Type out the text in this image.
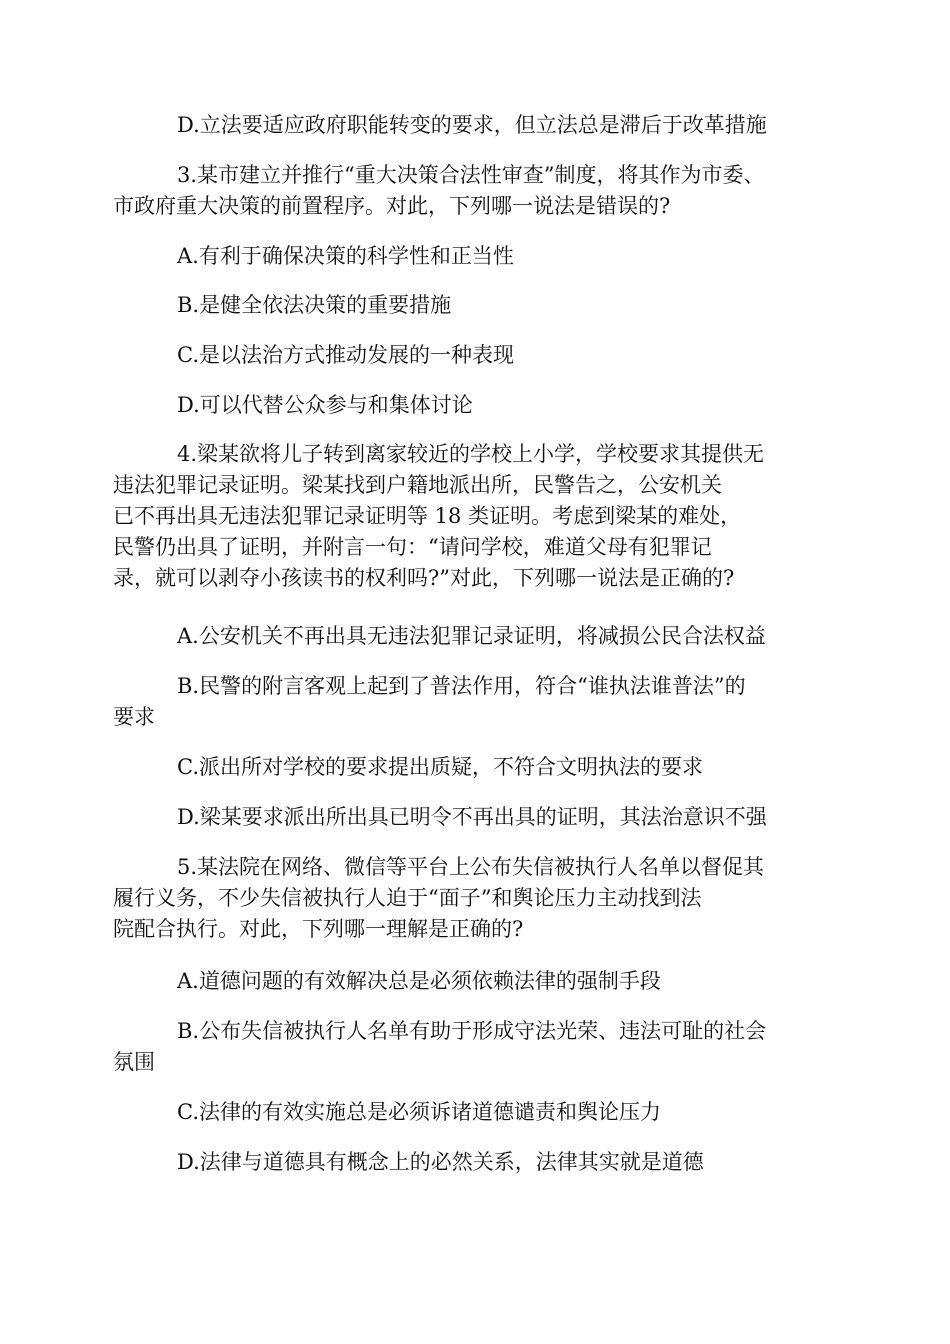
D.立法要适应政府职能转变的要求，但立法总是滞后于改革措施
3.某市建立并推行“重大决策合法性审查”制度，将其作为市委、
市政府重大决策的前置程序。对此，下列哪一说法是错误的?
A.有利于确保决策的科学性和正当性
B.是健全依法决策的重要措施
C.是以法治方式推动发展的一种表现
D.可以代替公众参与和集体讨论
4.梁某欲将儿子转到离家较近的学校上小学，学校要求其提供无
违法犯罪记录证明。梁某找到户籍地派出所，民警告之，公安机关
已不再出具无违法犯罪记录证明等 18 类证明。考虑到梁某的难处，
民警仍出具了证明，并附言一句：“请问学校，难道父母有犯罪记
录，就可以剥夺小孩读书的权利吗?”对此，下列哪一说法是正确的?
A.公安机关不再出具无违法犯罪记录证明，将减损公民合法权益
B.民警的附言客观上起到了普法作用，符合“谁执法谁普法”的
要求
C.派出所对学校的要求提出质疑，不符合文明执法的要求
D.梁某要求派出所出具已明令不再出具的证明，其法治意识不强
5.某法院在网络、微信等平台上公布失信被执行人名单以督促其
履行义务，不少失信被执行人迫于“面子”和舆论压力主动找到法
院配合执行。对此，下列哪一理解是正确的?
A.道德问题的有效解决总是必须依赖法律的强制手段
B.公布失信被执行人名单有助于形成守法光荣、违法可耻的社会
氛围
C.法律的有效实施总是必须诉诸道德谴责和舆论压力
D.法律与道德具有概念上的必然关系，法律其实就是道德
